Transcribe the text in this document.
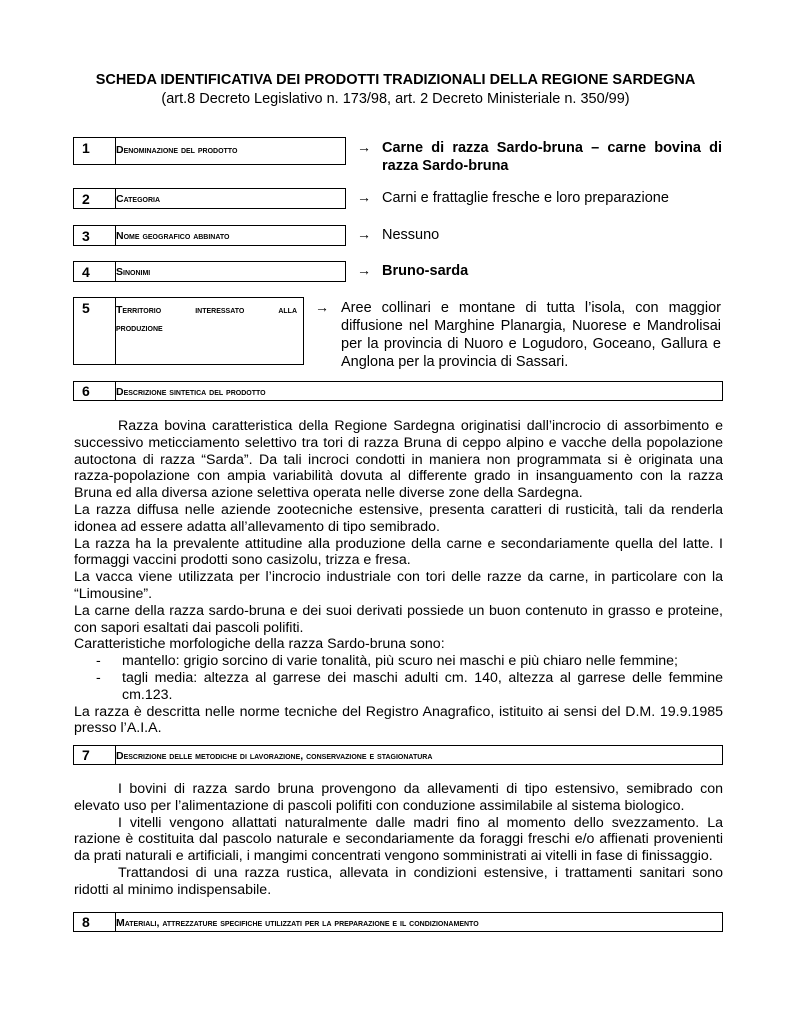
SCHEDA IDENTIFICATIVA DEI PRODOTTI TRADIZIONALI DELLA REGIONE SARDEGNA
(art.8 Decreto Legislativo n. 173/98, art. 2 Decreto Ministeriale n. 350/99)
1	Denominazione del prodotto	→ Carne di razza Sardo-bruna – carne bovina di
razza Sardo-bruna
2	Categoria	→ Carni e frattaglie fresche e loro preparazione
3	Nome geografico abbinato	→ Nessuno
4	Sinonimi	→ Bruno-sarda
5	Territorio interessato alla
produzione
→ Aree collinari e montane di tutta l’isola, con maggior
diffusione nel Marghine Planargia, Nuorese e Mandrolisai
per la provincia di Nuoro e Logudoro, Goceano, Gallura e
Anglona per la provincia di Sassari.
6	Descrizione sintetica del prodotto

Razza bovina caratteristica della Regione Sardegna originatisi dall’incrocio di assorbimento e successivo meticciamento selettivo tra tori di razza Bruna di ceppo alpino e vacche della popolazione autoctona di razza “Sarda”. Da tali incroci condotti in maniera non programmata si è originata una razza-popolazione con ampia variabilità dovuta al differente grado in insanguamento con la razza Bruna ed alla diversa azione selettiva operata nelle diverse zone della Sardegna.

La razza diffusa nelle aziende zootecniche estensive, presenta caratteri di rusticità, tali da renderla idonea ad essere adatta all’allevamento di tipo semibrado.

La razza ha la prevalente attitudine alla produzione della carne e secondariamente quella del latte. I formaggi vaccini prodotti sono casizolu, trizza e fresa.

La vacca viene utilizzata per l’incrocio industriale con tori delle razze da carne, in particolare con la “Limousine”.

La carne della razza sardo-bruna e dei suoi derivati possiede un buon contenuto in grasso e proteine, con sapori esaltati dai pascoli polifiti.

Caratteristiche morfologiche della razza Sardo-bruna sono:

- mantello: grigio sorcino di varie tonalità, più scuro nei maschi e più chiaro nelle femmine;
- tagli media: altezza al garrese dei maschi adulti cm. 140, altezza al garrese delle femmine cm.123.

La razza è descritta nelle norme tecniche del Registro Anagrafico, istituito ai sensi del D.M. 19.9.1985 presso l’A.I.A.

7	Descrizione delle metodiche di lavorazione, conservazione e stagionatura

I bovini di razza sardo bruna provengono da allevamenti di tipo estensivo, semibrado con elevato uso per l’alimentazione di pascoli polifiti con conduzione assimilabile al sistema biologico.

I vitelli vengono allattati naturalmente dalle madri fino al momento dello svezzamento. La razione è costituita dal pascolo naturale e secondariamente da foraggi freschi e/o affienati provenienti da prati naturali e artificiali, i mangimi concentrati vengono somministrati ai vitelli in fase di finissaggio.

Trattandosi di una razza rustica, allevata in condizioni estensive, i trattamenti sanitari sono ridotti al minimo indispensabile.

8	Materiali, attrezzature specifiche utilizzati per la preparazione e il condizionamento
